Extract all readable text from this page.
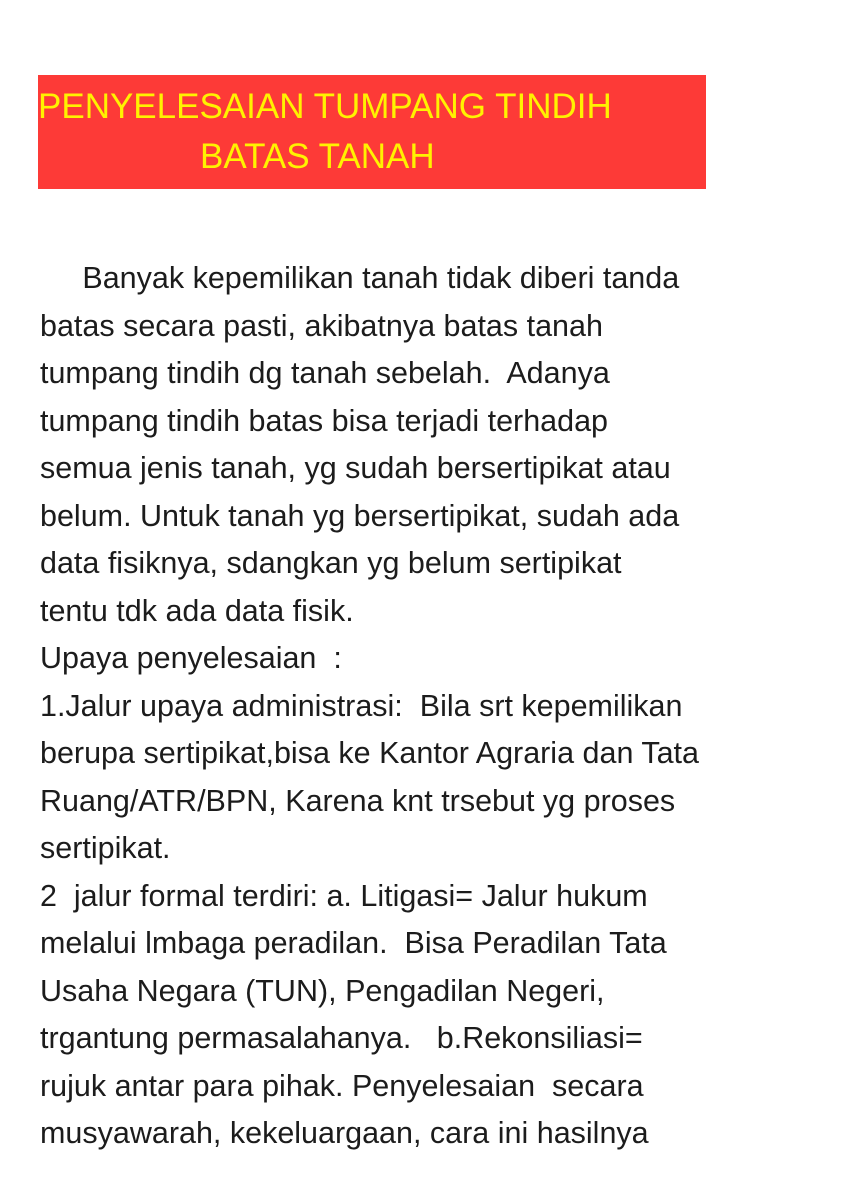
PENYELESAIAN TUMPANG TINDIH
BATAS TANAH
Banyak kepemilikan tanah tidak diberi tanda
batas secara pasti, akibatnya batas tanah
tumpang tindih dg tanah sebelah.  Adanya
tumpang tindih batas bisa terjadi terhadap
semua jenis tanah, yg sudah bersertipikat atau
belum. Untuk tanah yg bersertipikat, sudah ada
data fisiknya, sdangkan yg belum sertipikat
tentu tdk ada data fisik.
Upaya penyelesaian  :
1.Jalur upaya administrasi:  Bila srt kepemilikan
berupa sertipikat,bisa ke Kantor Agraria dan Tata
Ruang/ATR/BPN, Karena knt trsebut yg proses
sertipikat.
2  jalur formal terdiri: a. Litigasi= Jalur hukum
melalui lmbaga peradilan.  Bisa Peradilan Tata
Usaha Negara (TUN), Pengadilan Negeri,
trgantung permasalahanya.   b.Rekonsiliasi=
rujuk antar para pihak. Penyelesaian  secara
musyawarah, kekeluargaan, cara ini hasilnya
